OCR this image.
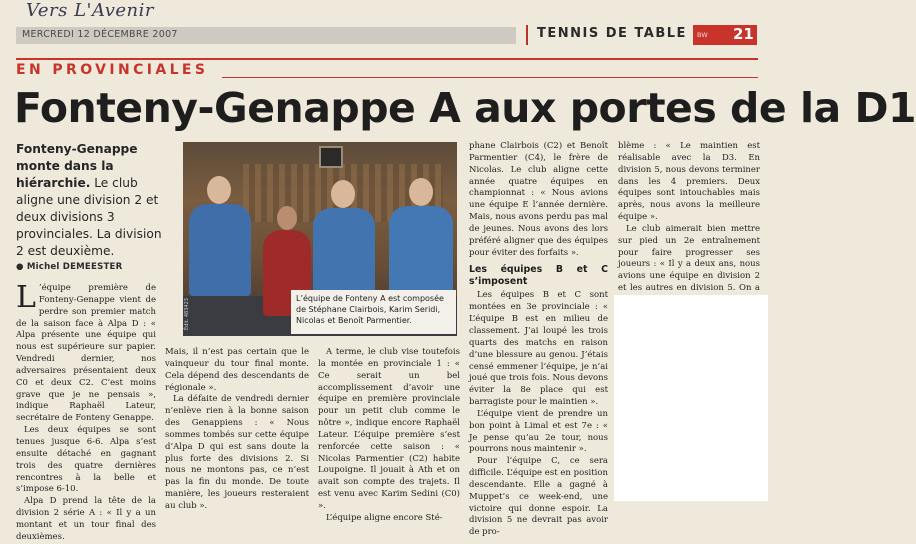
Vers L'Avenir
MERCREDI 12 DÉCEMBRE 2007	TENNIS DE TABLE BW 21
EN PROVINCIALES
Fonteny-Genappe A aux portes de la D1
Fonteny-Genappe monte dans la hiérarchie. Le club aligne une division 2 et deux divisions 3 provinciales. La division 2 est deuxième.
● Michel DEMEESTER

L ’équipe première de Fonteny-Genappe vient de perdre son premier match de la saison face à Alpa D : « Alpa présente une équipe qui nous est supérieure sur papier. Vendredi dernier, nos adversaires présentaient deux C0 et deux C2. C’est moins grave que je ne pensais », indique Raphaël Lateur, secrétaire de Fonteny Genappe.

Les deux équipes se sont tenues jusque 6-6. Alpa s’est ensuite détaché en gagnant trois des quatre dernières rencontres à la belle et s’impose 6-10.

Alpa D prend la tête de la division 2 série A : « Il y a un montant et un tour final des deuxièmes.

L’équipe de Fonteny A est composée de Stéphane Clairbois, Karim Seridi, Nicolas et Benoît Parmentier.

Mais, il n’est pas certain que le vainqueur du tour final monte. Cela dépend des descendants de régionale ».

La défaite de vendredi dernier n’enlève rien à la bonne saison des Genappiens : « Nous sommes tombés sur cette équipe d’Alpa D qui est sans doute la plus forte des divisions 2. Si nous ne montons pas, ce n’est pas la fin du monde. De toute manière, les joueurs resteraient au club ».

A terme, le club vise toutefois la montée en provinciale 1 : « Ce serait un bel accomplissement d’avoir une équipe en première provinciale pour un petit club comme le nôtre », indique encore Raphaël Lateur. L’équipe première s’est renforcée cette saison : « Nicolas Parmentier (C2) habite Loupoigne. Il jouait à Ath et on avait son compte des trajets. Il est venu avec Karim Sedini (C0) ».

L’équipe aligne encore Sté-

phane Clairbois (C2) et Benoît Parmentier (C4), le frère de Nicolas. Le club aligne cette année quatre équipes en championnat : « Nous avions une équipe E l’année dernière. Mais, nous avons perdu pas mal de jeunes. Nous avons des lors préféré aligner que des équipes pour éviter des forfaits ».

Les équipes B et C s’imposent

Les équipes B et C sont montées en 3e provinciale : « L’équipe B est en milieu de classement. J’ai loupé les trois quarts des matchs en raison d’une blessure au genou. J’étais censé emmener l’équipe, je n’ai joué que trois fois. Nous devons éviter la 8e place qui est barragiste pour le maintien ».

L’équipe vient de prendre un bon point à Limal et est 7e : « Je pense qu’au 2e tour, nous pourrons nous maintenir ».

Pour l’équipe C, ce sera difficile. L’équipe est en position descendante. Elle a gagné à Muppet’s ce week-end, une victoire qui donne espoir. La division 5 ne devrait pas avoir de pro-

blème : « Le maintien est réalisable avec la D3. En division 5, nous devons terminer dans les 4 premiers. Deux équipes sont intouchables mais après, nous avons la meilleure équipe ».

Le club aimerait bien mettre sur pied un 2e entraînement pour faire progresser ses joueurs : « Il y a deux ans, nous avions une équipe en division 2 et les autres en division 5. On a
